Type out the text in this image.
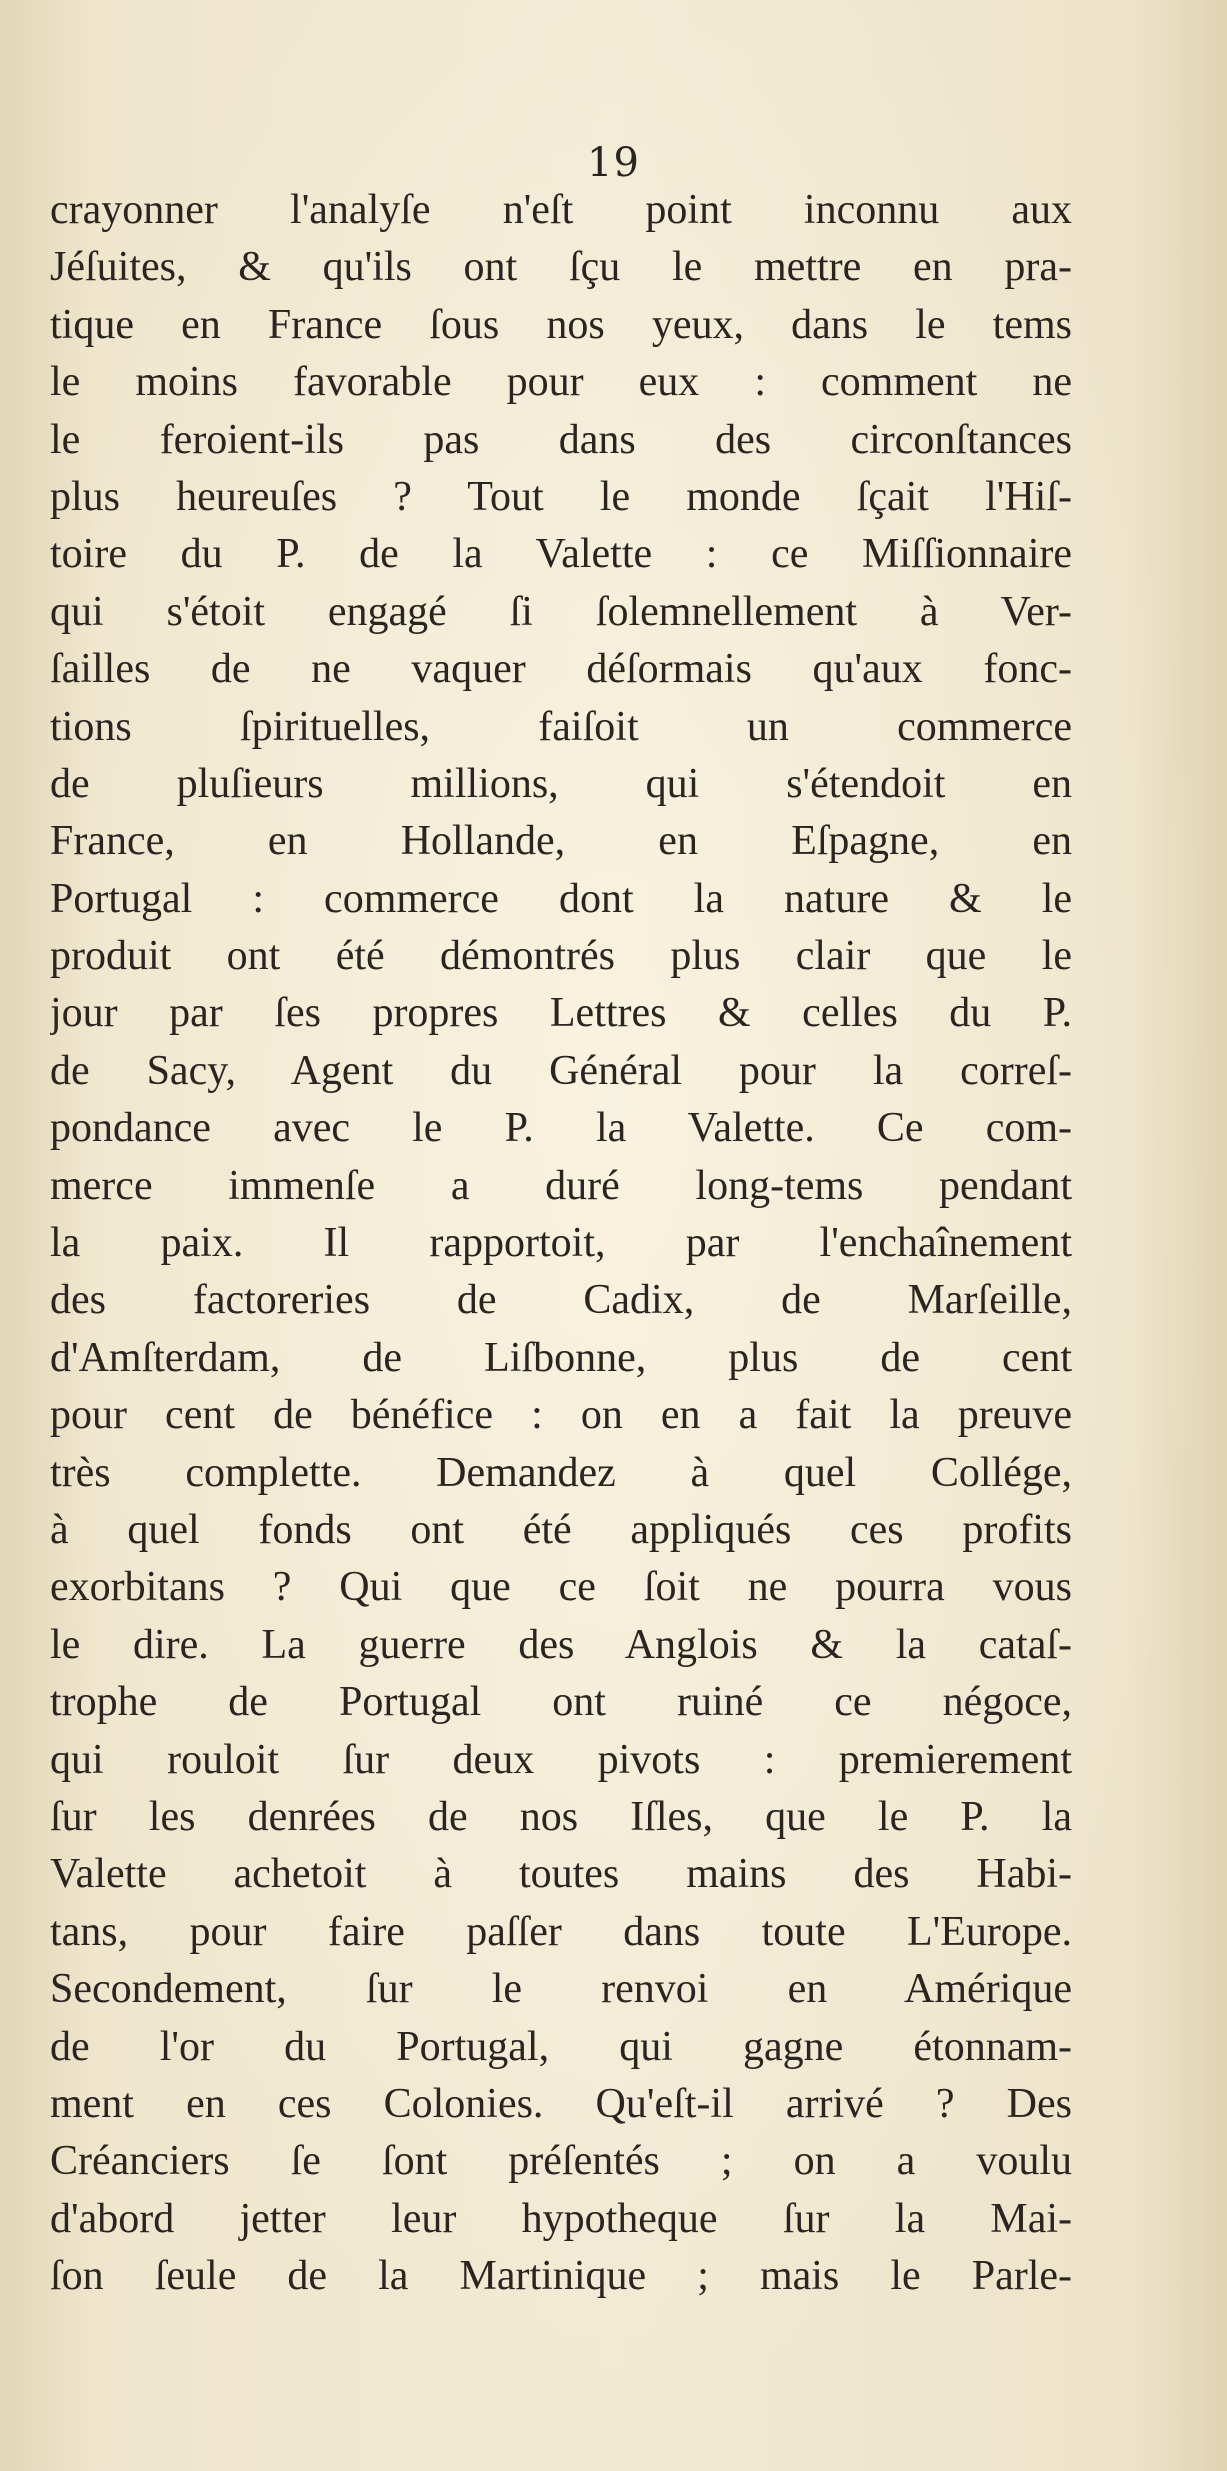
19
crayonner l'analyſe n'eſt point inconnu aux
Jéſuites, & qu'ils ont ſçu le mettre en pra-
tique en France ſous nos yeux, dans le tems
le moins favorable pour eux : comment ne
le feroient-ils pas dans des circonſtances
plus heureuſes ? Tout le monde ſçait l'Hiſ-
toire du P. de la Valette : ce Miſſionnaire
qui s'étoit engagé ſi ſolemnellement à Ver-
ſailles de ne vaquer déſormais qu'aux fonc-
tions ſpirituelles, faiſoit un commerce
de pluſieurs millions, qui s'étendoit en
France, en Hollande, en Eſpagne, en
Portugal : commerce dont la nature & le
produit ont été démontrés plus clair que le
jour par ſes propres Lettres & celles du P.
de Sacy, Agent du Général pour la correſ-
pondance avec le P. la Valette. Ce com-
merce immenſe a duré long-tems pendant
la paix. Il rapportoit, par l'enchaînement
des factoreries de Cadix, de Marſeille,
d'Amſterdam, de Liſbonne, plus de cent
pour cent de bénéfice : on en a fait la preuve
très complette. Demandez à quel Collége,
à quel fonds ont été appliqués ces profits
exorbitans ? Qui que ce ſoit ne pourra vous
le dire. La guerre des Anglois & la cataſ-
trophe de Portugal ont ruiné ce négoce,
qui rouloit ſur deux pivots : premierement
ſur les denrées de nos Iſles, que le P. la
Valette achetoit à toutes mains des Habi-
tans, pour faire paſſer dans toute L'Europe.
Secondement, ſur le renvoi en Amérique
de l'or du Portugal, qui gagne étonnam-
ment en ces Colonies. Qu'eſt-il arrivé ? Des
Créanciers ſe ſont préſentés ; on a voulu
d'abord jetter leur hypotheque ſur la Mai-
ſon ſeule de la Martinique ; mais le Parle-
